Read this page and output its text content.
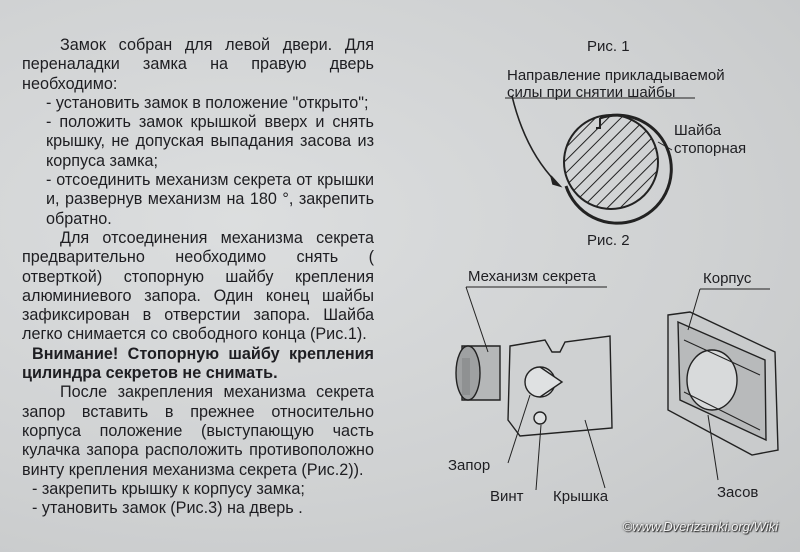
Замок собран для левой двери. Для переналадки замка на правую дверь необходимо:

- установить замок в положение "открыто";

- положить замок крышкой вверх и снять крышку, не допуская выпадания засова из корпуса замка;

- отсоединить механизм секрета от крышки и, развернув механизм на 180 °, закрепить обратно.

Для отсоединения механизма секрета предварительно необходимо снять ( отверткой) стопорную шайбу крепления алюминиевого запора. Один конец шайбы зафиксирован в отверстии запора. Шайба легко снимается со свободного конца (Рис.1).

Внимание! Стопорную шайбу крепления цилиндра секретов не снимать.

После закрепления механизма секрета запор вставить в прежнее относительно корпуса положение (выступающую часть кулачка запора расположить противоположно винту крепления механизма секрета (Рис.2)).

- закрепить крышку к корпусу замка;

- утановить замок (Рис.3) на дверь .

Рис. 1
Направление прикладываемой
силы при снятии шайбы
Шайба
стопорная
Рис. 2
Механизм секрета	Корпус
Запор
Винт Крышка	Засов
©www.Dverizamki.org/Wiki
